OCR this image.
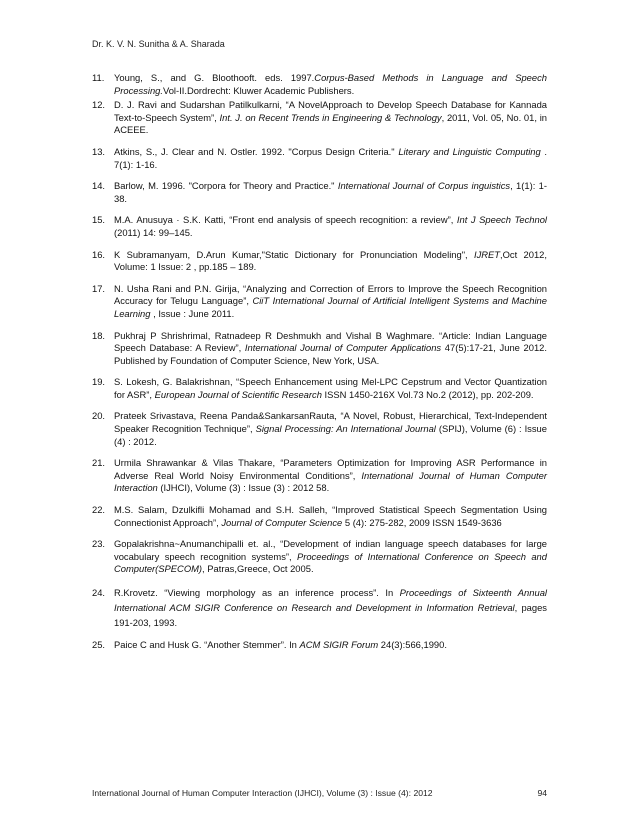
Dr. K. V. N. Sunitha & A. Sharada
11.	Young, S., and G. Bloothooft. eds. 1997.Corpus-Based Methods in Language and Speech Processing.Vol-II.Dordrecht: Kluwer Academic Publishers.
12. D. J. Ravi and Sudarshan Patilkulkarni, “A NovelApproach to Develop Speech Database for Kannada Text-to-Speech System”, Int. J. on Recent Trends in Engineering & Technology, 2011, Vol. 05, No. 01, in ACEEE.
13. Atkins, S., J. Clear and N. Ostler. 1992. "Corpus Design Criteria." Literary and Linguistic Computing . 7(1): 1-16.
14. Barlow, M. 1996. "Corpora for Theory and Practice." International Journal of Corpus inguistics, 1(1): 1-38.
15. M.A. Anusuya · S.K. Katti, “Front end analysis of speech recognition: a review”, Int J Speech Technol (2011) 14: 99–145.
16. K Subramanyam, D.Arun Kumar,"Static Dictionary for Pronunciation Modeling", IJRET,Oct 2012, Volume: 1 Issue: 2 , pp.185 – 189.
17. N. Usha Rani and P.N. Girija, “Analyzing and Correction of Errors to Improve the Speech Recognition Accuracy for Telugu Language”, CiiT International Journal of Artificial Intelligent Systems and Machine Learning , Issue : June 2011.
18. Pukhraj P Shrishrimal, Ratnadeep R Deshmukh and Vishal B Waghmare. “Article: Indian Language Speech Database: A Review”, International Journal of Computer Applications 47(5):17-21, June 2012. Published by Foundation of Computer Science, New York, USA.
19. S. Lokesh, G. Balakrishnan, “Speech Enhancement using Mel-LPC Cepstrum and Vector Quantization for ASR”, European Journal of Scientific Research ISSN 1450-216X Vol.73 No.2 (2012), pp. 202-209.
20. Prateek Srivastava, Reena Panda&SankarsanRauta, “A Novel, Robust, Hierarchical, Text-Independent Speaker Recognition Technique”, Signal Processing: An International Journal (SPIJ), Volume (6) : Issue (4) : 2012.
21. Urmila Shrawankar & Vilas Thakare, “Parameters Optimization for Improving ASR Performance in Adverse Real World Noisy Environmental Conditions”, International Journal of Human Computer Interaction (IJHCI), Volume (3) : Issue (3) : 2012 58.
22. M.S. Salam, Dzulkifli Mohamad and S.H. Salleh, “Improved Statistical Speech Segmentation Using Connectionist Approach”, Journal of Computer Science 5 (4): 275-282, 2009 ISSN 1549-3636
23. Gopalakrishna~Anumanchipalli et. al., “Development of indian language speech databases for large vocabulary speech recognition systems”, Proceedings of International Conference on Speech and Computer(SPECOM), Patras,Greece, Oct 2005.
24. R.Krovetz. “Viewing morphology as an inference process”. In Proceedings of Sixteenth Annual International ACM SIGIR Conference on Research and Development in Information Retrieval, pages 191-203, 1993.
25. Paice C and Husk G. “Another Stemmer”. In ACM SIGIR Forum 24(3):566,1990.
International Journal of Human Computer Interaction (IJHCI), Volume (3) : Issue (4): 2012	94
